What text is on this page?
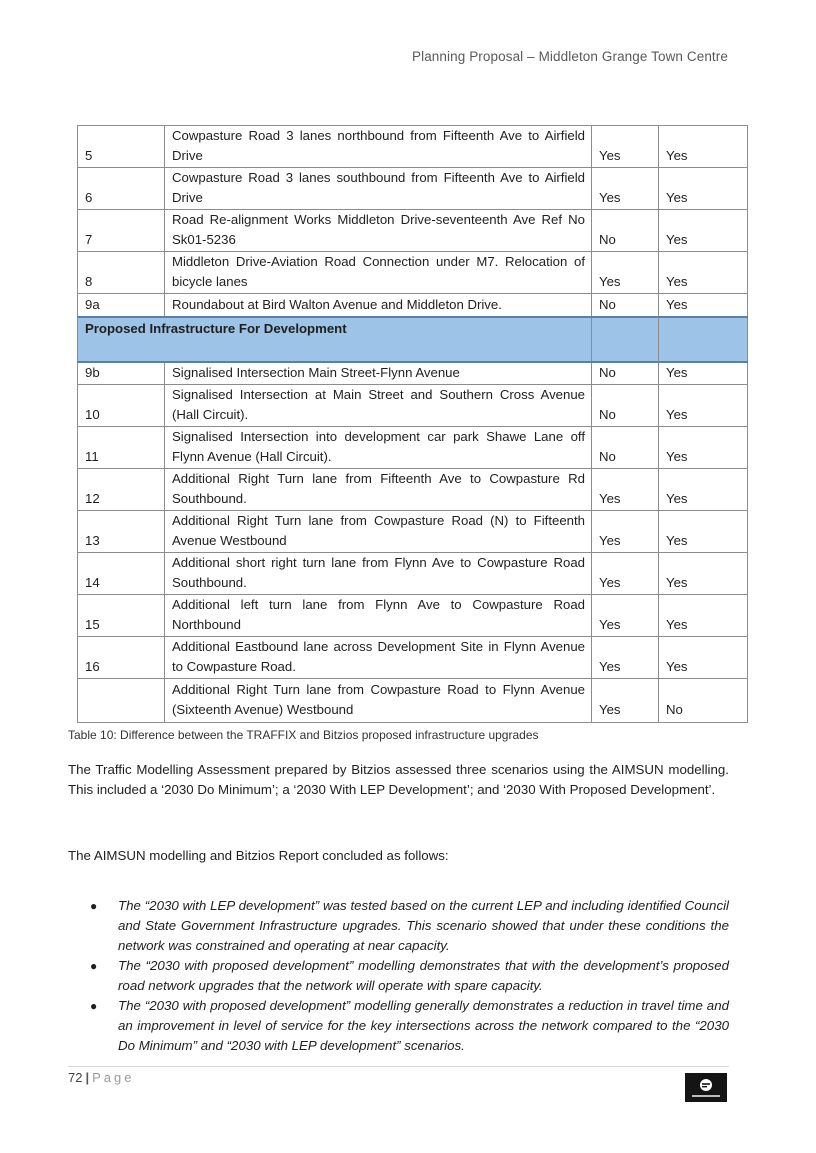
Planning Proposal – Middleton Grange Town Centre
5	Cowpasture Road 3 lanes northbound from Fifteenth Ave to Airfield Drive	Yes	Yes
6	Cowpasture Road 3 lanes southbound from Fifteenth Ave to Airfield Drive	Yes	Yes
7	Road Re-alignment Works Middleton Drive-seventeenth Ave Ref No Sk01-5236	No	Yes
8	Middleton Drive-Aviation Road Connection under M7. Relocation of bicycle lanes	Yes	Yes
9a	Roundabout at Bird Walton Avenue and Middleton Drive.	No	Yes
Proposed Infrastructure For Development			
9b	Signalised Intersection Main Street-Flynn Avenue	No	Yes
10	Signalised Intersection at Main Street and Southern Cross Avenue (Hall Circuit).	No	Yes
11	Signalised Intersection into development car park Shawe Lane off Flynn Avenue (Hall Circuit).	No	Yes
12	Additional Right Turn lane from Fifteenth Ave to Cowpasture Rd Southbound.	Yes	Yes
13	Additional Right Turn lane from Cowpasture Road (N) to Fifteenth Avenue Westbound	Yes	Yes
14	Additional short right turn lane from Flynn Ave to Cowpasture Road Southbound.	Yes	Yes
15	Additional left turn lane from Flynn Ave to Cowpasture Road Northbound	Yes	Yes
16	Additional Eastbound lane across Development Site in Flynn Avenue to Cowpasture Road.	Yes	Yes
	Additional Right Turn lane from Cowpasture Road to Flynn Avenue (Sixteenth Avenue) Westbound	Yes	No
Table 10: Difference between the TRAFFIX and Bitzios proposed infrastructure upgrades

The Traffic Modelling Assessment prepared by Bitzios assessed three scenarios using the AIMSUN modelling. This included a ‘2030 Do Minimum’; a ‘2030 With LEP Development’; and ‘2030 With Proposed Development’.

The AIMSUN modelling and Bitzios Report concluded as follows:

● The “2030 with LEP development” was tested based on the current LEP and including identified Council and State Government Infrastructure upgrades. This scenario showed that under these conditions the network was constrained and operating at near capacity.
● The “2030 with proposed development” modelling demonstrates that with the development’s proposed road network upgrades that the network will operate with spare capacity.
● The “2030 with proposed development” modelling generally demonstrates a reduction in travel time and an improvement in level of service for the key intersections across the network compared to the “2030 Do Minimum” and “2030 with LEP development” scenarios.
72 | Page
